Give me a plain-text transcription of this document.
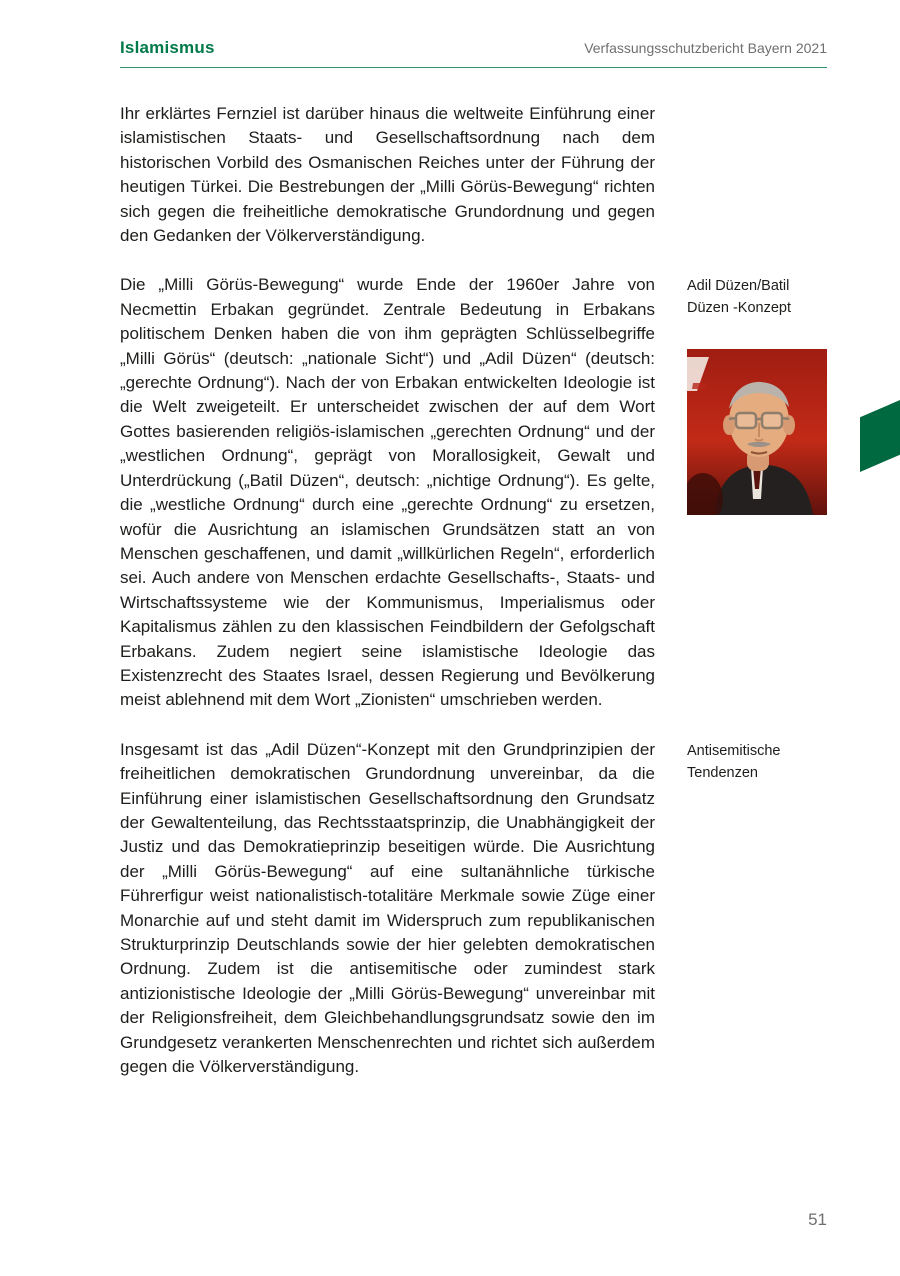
Islamismus	Verfassungsschutzbericht Bayern 2021

Ihr erklärtes Fernziel ist darüber hinaus die weltweite Einführung einer islamistischen Staats- und Gesellschaftsordnung nach dem historischen Vorbild des Osmanischen Reiches unter der Führung der heutigen Türkei. Die Bestrebungen der „Milli Görüs-Bewegung“ richten sich gegen die freiheitliche demokratische Grundordnung und gegen den Gedanken der Völkerverständigung.

Die „Milli Görüs-Bewegung“ wurde Ende der 1960er Jahre von Necmettin Erbakan gegründet. Zentrale Bedeutung in Erbakans politischem Denken haben die von ihm geprägten Schlüsselbegriffe „Milli Görüs“ (deutsch: „nationale Sicht“) und „Adil Düzen“ (deutsch: „gerechte Ordnung“). Nach der von Erbakan entwickelten Ideologie ist die Welt zweigeteilt. Er unterscheidet zwischen der auf dem Wort Gottes basierenden religiös-islamischen „gerechten Ordnung“ und der „westlichen Ordnung“, geprägt von Morallosigkeit, Gewalt und Unterdrückung („Batil Düzen“, deutsch: „nichtige Ordnung“). Es gelte, die „westliche Ordnung“ durch eine „gerechte Ordnung“ zu ersetzen, wofür die Ausrichtung an islamischen Grundsätzen statt an von Menschen geschaffenen, und damit „willkürlichen Regeln“, erforderlich sei. Auch andere von Menschen erdachte Gesellschafts-, Staats- und Wirtschaftssysteme wie der Kommunismus, Imperialismus oder Kapitalismus zählen zu den klassischen Feindbildern der Gefolgschaft Erbakans. Zudem negiert seine islamistische Ideologie das Existenzrecht des Staates Israel, dessen Regierung und Bevölkerung meist ablehnend mit dem Wort „Zionisten“ umschrieben werden.

Adil Düzen/Batil Düzen -Konzept

Insgesamt ist das „Adil Düzen“-Konzept mit den Grundprinzipien der freiheitlichen demokratischen Grundordnung unvereinbar, da die Einführung einer islamistischen Gesellschaftsordnung den Grundsatz der Gewaltenteilung, das Rechtsstaatsprinzip, die Unabhängigkeit der Justiz und das Demokratieprinzip beseitigen würde. Die Ausrichtung der „Milli Görüs-Bewegung“ auf eine sultanähnliche türkische Führerfigur weist nationalistisch-totalitäre Merkmale sowie Züge einer Monarchie auf und steht damit im Widerspruch zum republikanischen Strukturprinzip Deutschlands sowie der hier gelebten demokratischen Ordnung. Zudem ist die antisemitische oder zumindest stark antizionistische Ideologie der „Milli Görüs-Bewegung“ unvereinbar mit der Religionsfreiheit, dem Gleichbehandlungsgrundsatz sowie den im Grundgesetz verankerten Menschenrechten und richtet sich außerdem gegen die Völkerverständigung.

Antisemitische Tendenzen
51
